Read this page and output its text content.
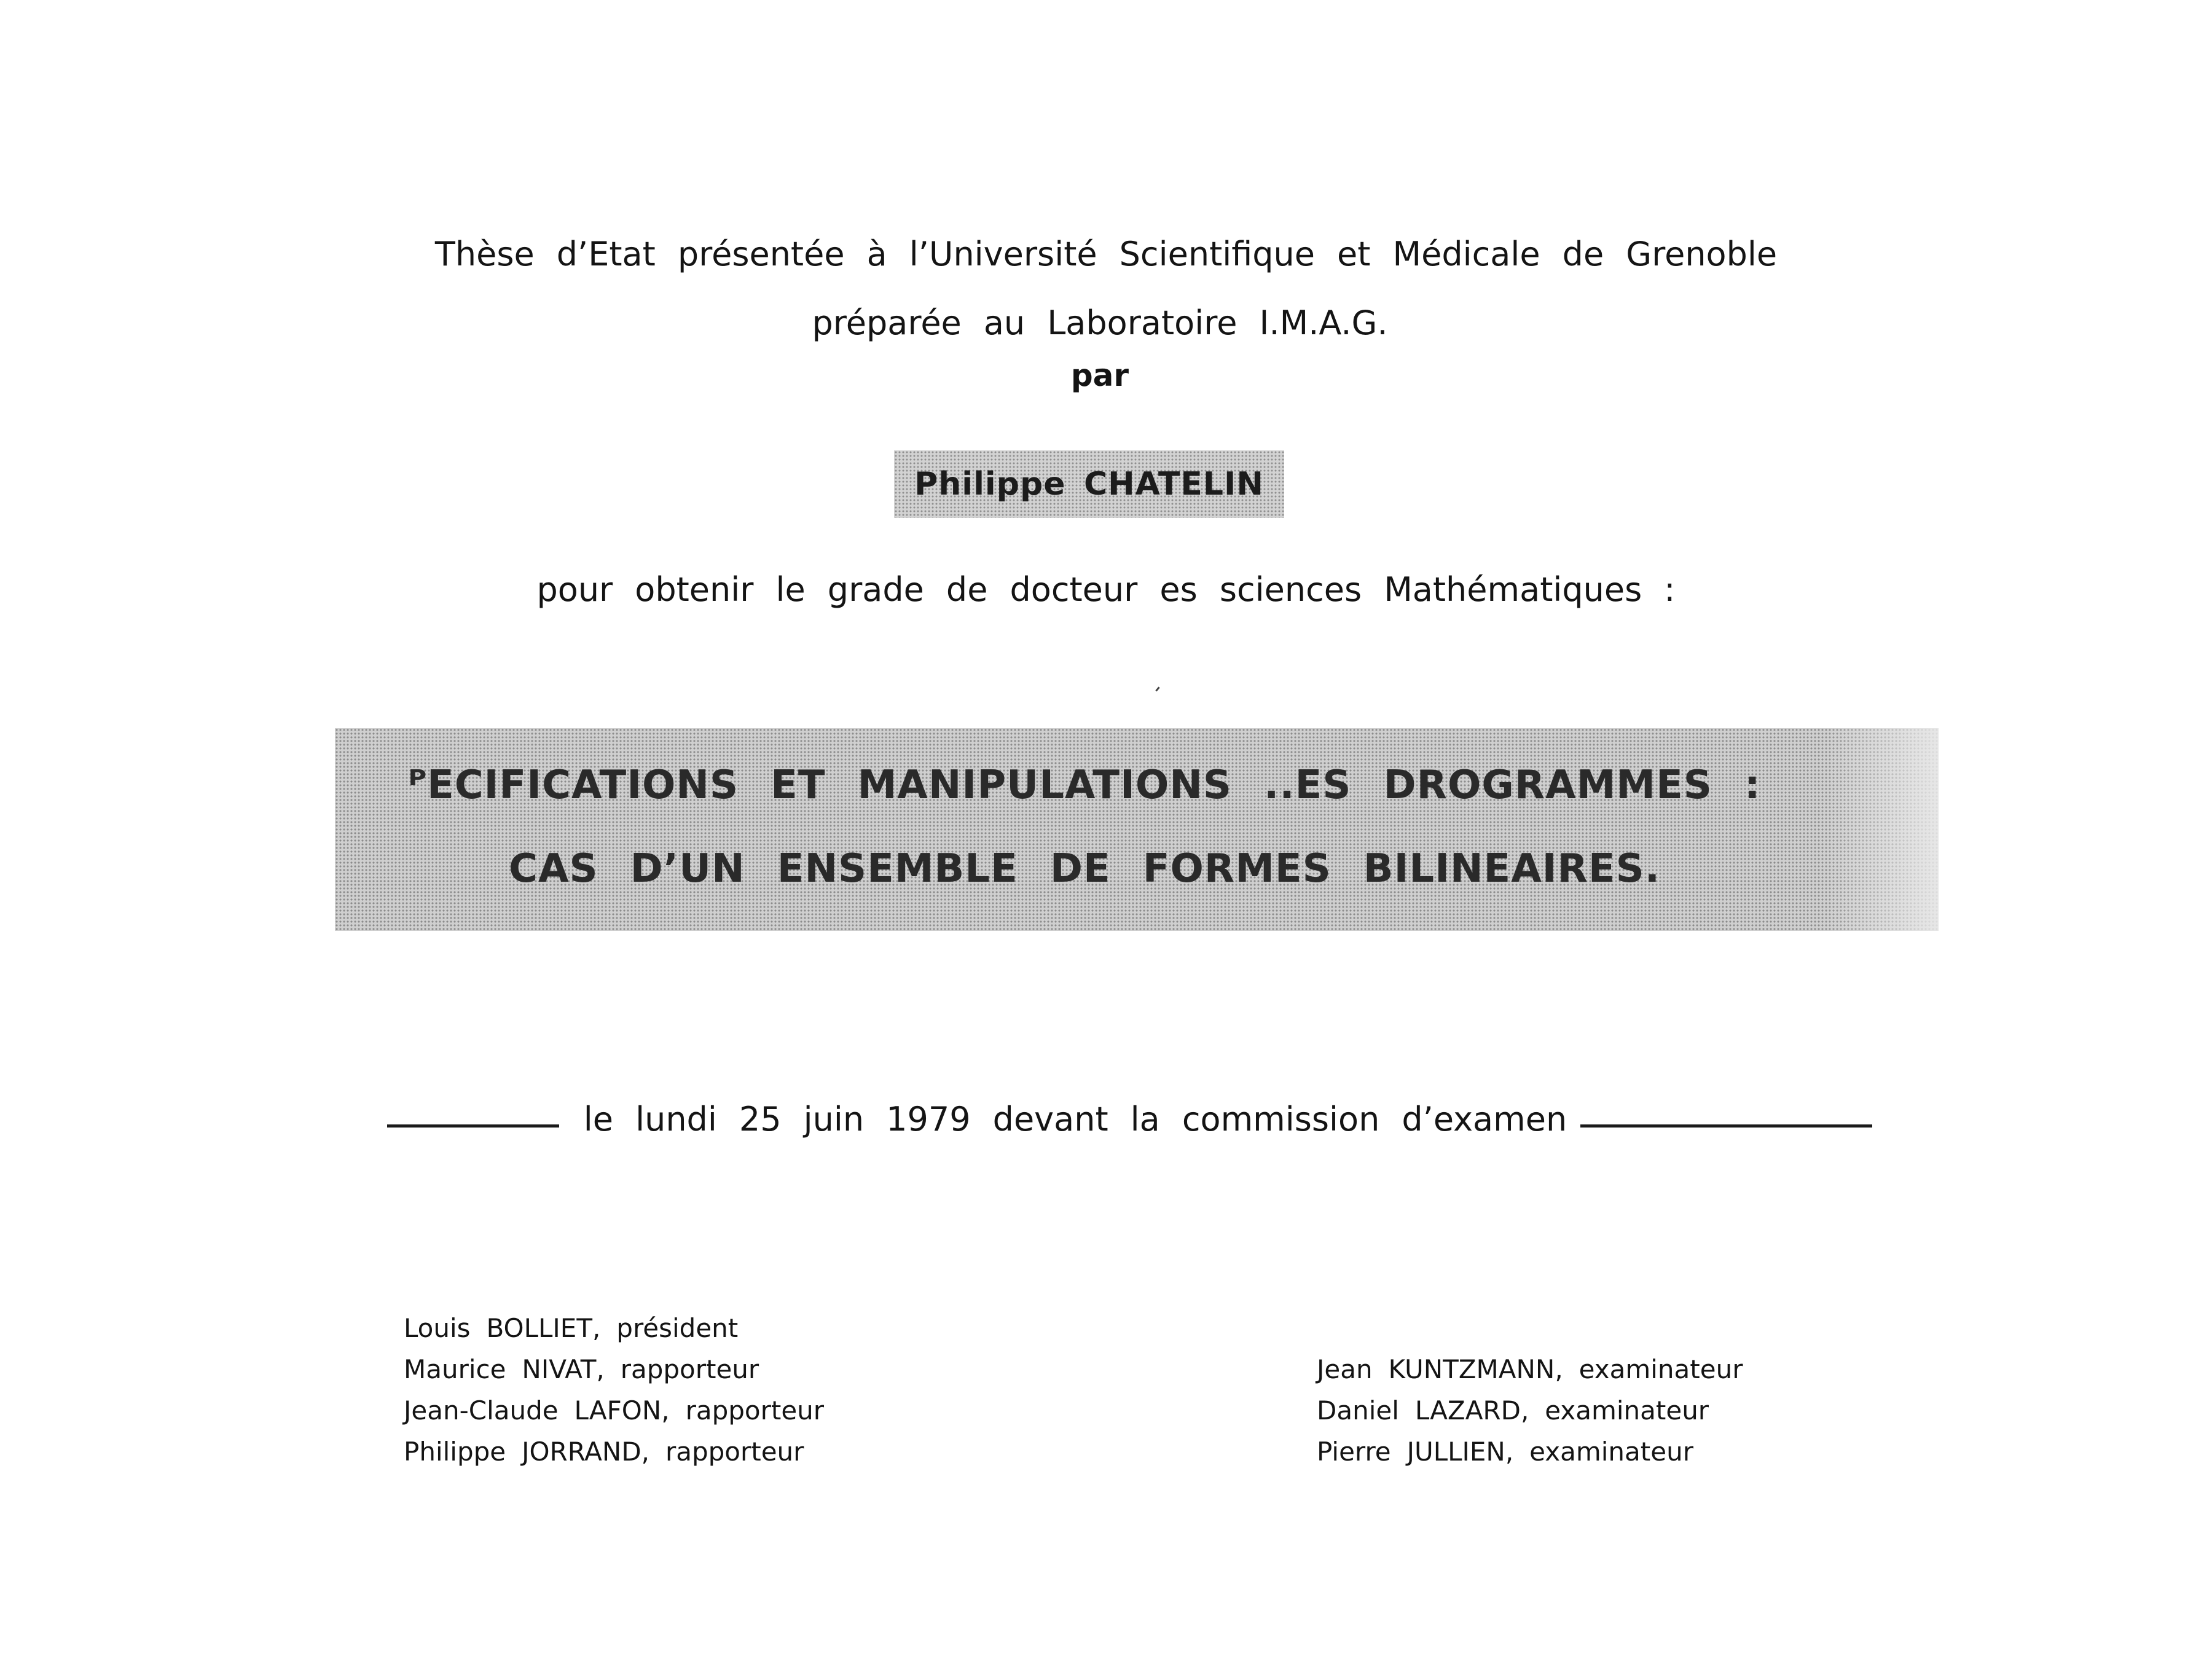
Thèse d’Etat présentée à l’Université Scientifique et Médicale de Grenoble
préparée au Laboratoire I.M.A.G.
par
Philippe CHATELIN
pour obtenir le grade de docteur es sciences Mathématiques :
ᴾECIFICATIONS ET MANIPULATIONS ..ES DROGRAMMES :
CAS D’UN ENSEMBLE DE FORMES BILINEAIRES.
le lundi 25 juin 1979 devant la commission d’examen
Louis BOLLIET, président
Maurice NIVAT, rapporteur
Jean-Claude LAFON, rapporteur
Philippe JORRAND, rapporteur
Jean KUNTZMANN, examinateur
Daniel LAZARD, examinateur
Pierre JULLIEN, examinateur
